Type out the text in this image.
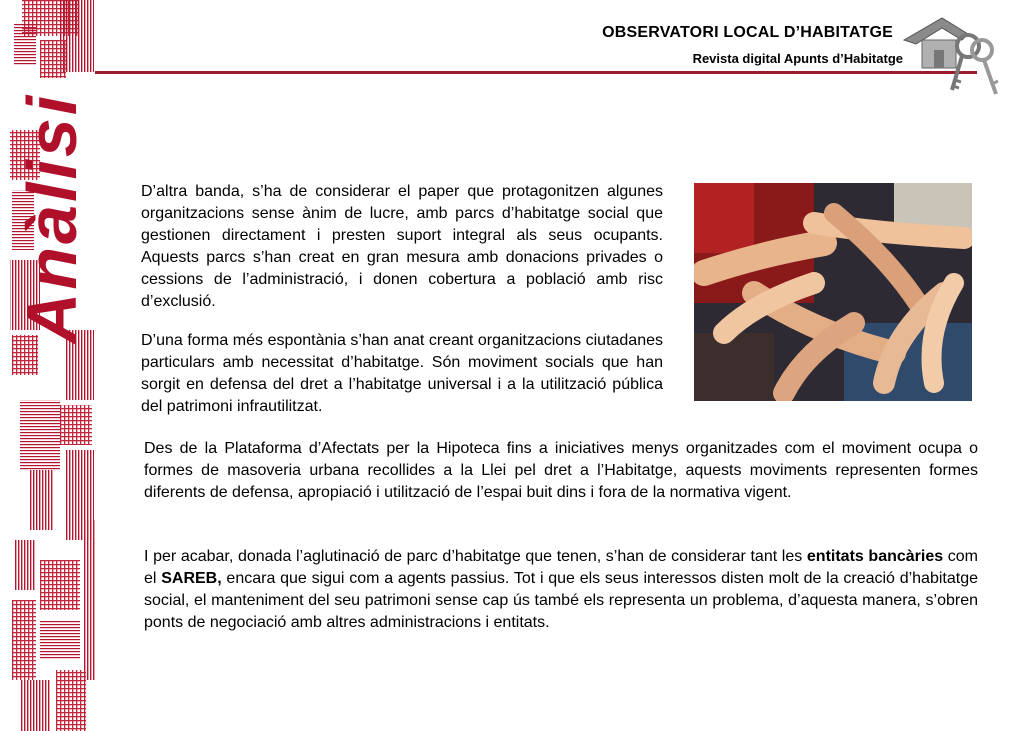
Anàlisi
OBSERVATORI LOCAL D’HABITATGE
Revista digital Apunts d’Habitatge

D’altra banda, s’ha de considerar el paper que protagonitzen algunes organitzacions sense ànim de lucre, amb parcs d’habitatge social que gestionen directament i presten suport integral als seus ocupants. Aquests parcs s’han creat en gran mesura amb donacions privades o cessions de l’administració, i donen cobertura a població amb risc d’exclusió.

D’una forma més espontània s’han anat creant organitzacions ciutadanes particulars amb necessitat d’habitatge. Són moviment socials que han sorgit en defensa del dret a l’habitatge universal i a la utilització pública del patrimoni infrautilitzat.

Des de la Plataforma d’Afectats per la Hipoteca fins a iniciatives menys organitzades com el moviment ocupa o formes de masoveria urbana recollides a la Llei pel dret a l’Habitatge, aquests moviments representen formes diferents de defensa, apropiació i utilització de l’espai buit dins i fora de la normativa vigent.

I per acabar, donada l’aglutinació de parc d’habitatge que tenen, s’han de considerar tant les entitats bancàries com el SAREB, encara que sigui com a agents passius. Tot i que els seus interessos disten molt de la creació d’habitatge social, el manteniment del seu patrimoni sense cap ús també els representa un problema, d’aquesta manera, s’obren ponts de negociació amb altres administracions i entitats.
